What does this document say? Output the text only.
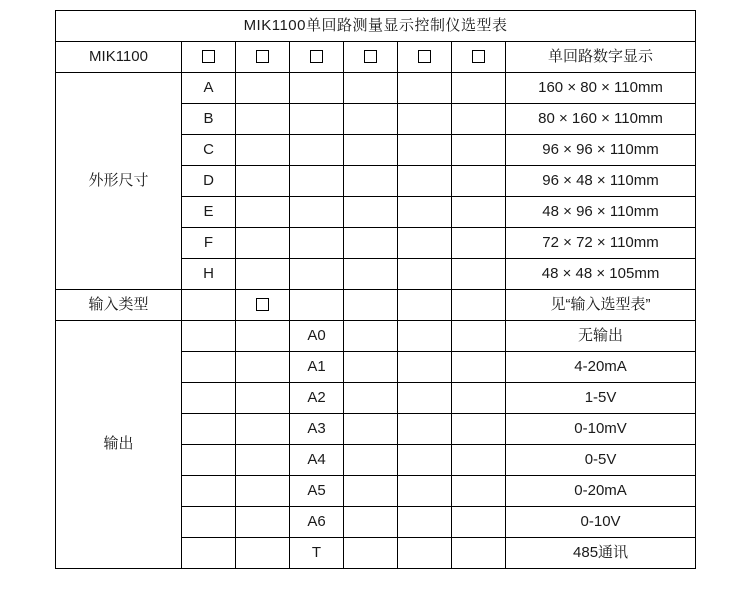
MIK1100单回路测量显示控制仪选型表							
MIK1100							单回路数字显示
外形尺寸	A						160 × 80 × 110mm
	B						80 × 160 × 110mm
	C						96 × 96 × 110mm
	D						96 × 48 × 110mm
	E						48 × 96 × 110mm
	F						72 × 72 × 110mm
	H						48 × 48 × 105mm
输入类型							见“输入选型表”
输出			A0				无输出
			A1				4-20mA
			A2				1-5V
			A3				0-10mV
			A4				0-5V
			A5				0-20mA
			A6				0-10V
			T				485通讯
